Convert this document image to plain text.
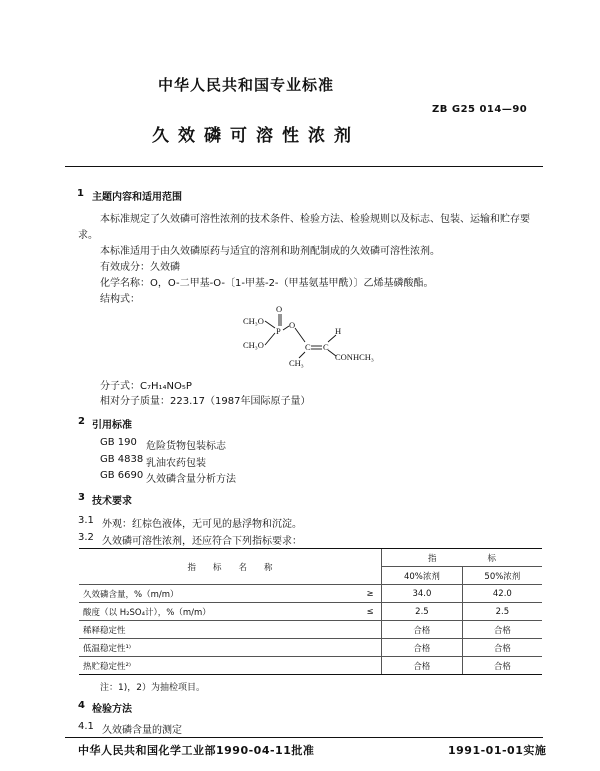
中华人民共和国专业标准
ZB G25 014—90
久效磷可溶性浓剂
1 主题内容和适用范围
本标准规定了久效磷可溶性浓剂的技术条件、检验方法、检验规则以及标志、包装、运输和贮存要
求。
本标准适用于由久效磷原药与适宜的溶剂和助剂配制成的久效磷可溶性浓剂。
有效成分：久效磷
化学名称：O，O-二甲基-O-〔1-甲基-2-（甲基氨基甲酰）〕乙烯基磷酸酯。
结构式：
O
P
CH₃O
CH₃O
O
C C
H
CH₃
CONHCH₃
分子式：C₇H₁₄NO₅P
相对分子质量：223.17（1987年国际原子量）
2 引用标准
GB 190 危险货物包装标志
GB 4838 乳油农药包装
GB 6690 久效磷含量分析方法
3 技术要求
3.1 外观：红棕色液体，无可见的悬浮物和沉淀。
3.2 久效磷可溶性浓剂，还应符合下列指标要求：
指　　标　　名　　称		指　　　　　　标	
		40%浓剂	50%浓剂
久效磷含量，%（m/m）	≥	34.0	42.0
酸度（以 H₂SO₄计），%（m/m）	≤	2.5	2.5
稀释稳定性		合格	合格
低温稳定性¹⁾		合格	合格
热贮稳定性²⁾		合格	合格
注：1)，2）为抽检项目。
4 检验方法
4.1 久效磷含量的测定
中华人民共和国化学工业部1990-04-11批准	1991-01-01实施
